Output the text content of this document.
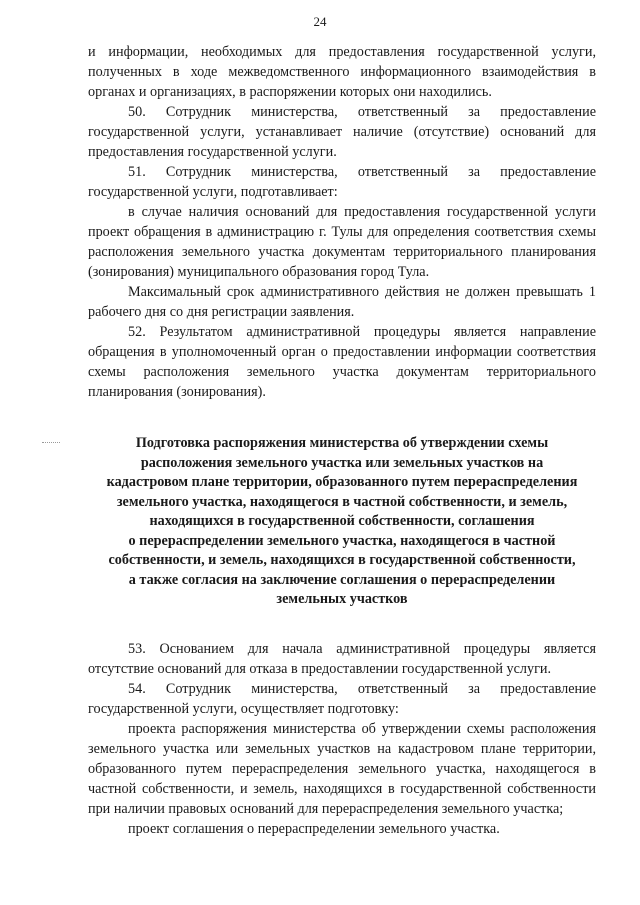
24

и информации, необходимых для предоставления государственной услуги, полученных в ходе межведомственного информационного взаимодействия в органах и организациях, в распоряжении которых они находились.

50. Сотрудник министерства, ответственный за предоставление государственной услуги, устанавливает наличие (отсутствие) оснований для предоставления государственной услуги.

51. Сотрудник министерства, ответственный за предоставление государственной услуги, подготавливает:

в случае наличия оснований для предоставления государственной услуги проект обращения в администрацию г. Тулы для определения соответствия схемы расположения земельного участка документам территориального планирования (зонирования) муниципального образования город Тула.

Максимальный срок административного действия не должен превышать 1 рабочего дня со дня регистрации заявления.

52. Результатом административной процедуры является направление обращения в уполномоченный орган о предоставлении информации соответствия схемы расположения земельного участка документам территориального планирования (зонирования).

Подготовка распоряжения министерства об утверждении схемы
расположения земельного участка или земельных участков на
кадастровом плане территории, образованного путем перераспределения
земельного участка, находящегося в частной собственности, и земель,
находящихся в государственной собственности, соглашения
о перераспределении земельного участка, находящегося в частной
собственности, и земель, находящихся в государственной собственности,
а также согласия на заключение соглашения о перераспределении
земельных участков

53. Основанием для начала административной процедуры является отсутствие оснований для отказа в предоставлении государственной услуги.

54. Сотрудник министерства, ответственный за предоставление государственной услуги, осуществляет подготовку:

проекта распоряжения министерства об утверждении схемы расположения земельного участка или земельных участков на кадастровом плане территории, образованного путем перераспределения земельного участка, находящегося в частной собственности, и земель, находящихся в государственной собственности при наличии правовых оснований для перераспределения земельного участка;

проект соглашения о перераспределении земельного участка.
